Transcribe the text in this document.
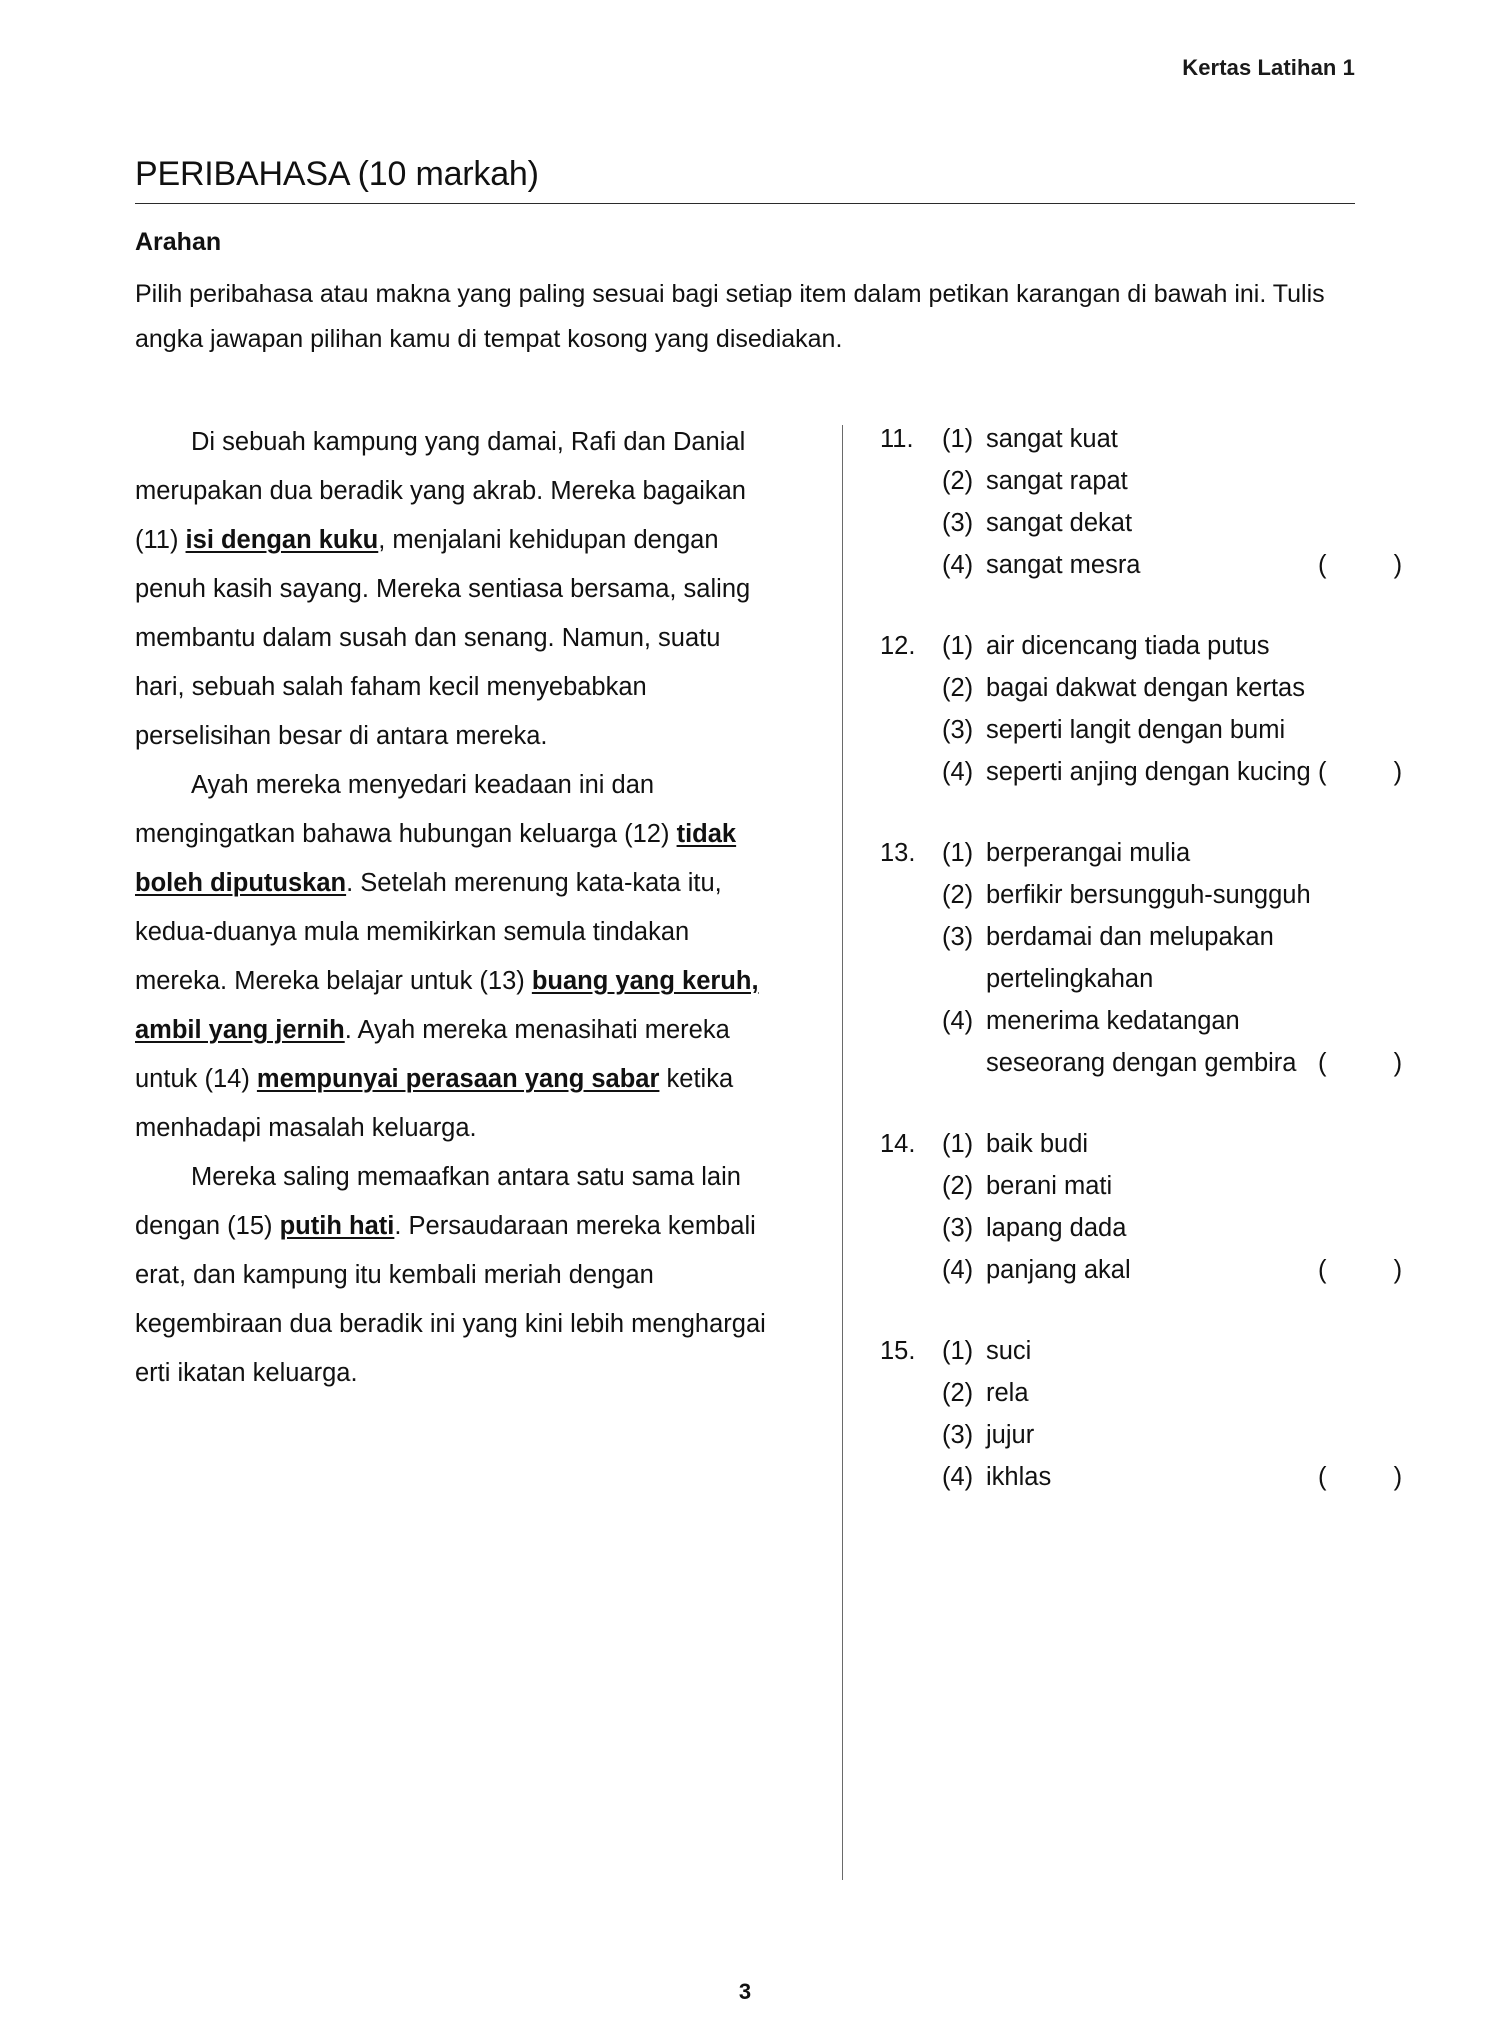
Kertas Latihan 1
PERIBAHASA (10 markah)
Arahan
Pilih peribahasa atau makna yang paling sesuai bagi setiap item dalam petikan karangan di bawah ini. Tulis angka jawapan pilihan kamu di tempat kosong yang disediakan.

Di sebuah kampung yang damai, Rafi dan Danial merupakan dua beradik yang akrab. Mereka bagaikan (11) isi dengan kuku, menjalani kehidupan dengan penuh kasih sayang. Mereka sentiasa bersama, saling membantu dalam susah dan senang. Namun, suatu hari, sebuah salah faham kecil menyebabkan perselisihan besar di antara mereka.

Ayah mereka menyedari keadaan ini dan mengingatkan bahawa hubungan keluarga (12) tidak boleh diputuskan. Setelah merenung kata-kata itu, kedua-duanya mula memikirkan semula tindakan mereka. Mereka belajar untuk (13) buang yang keruh, ambil yang jernih. Ayah mereka menasihati mereka untuk (14) mempunyai perasaan yang sabar ketika menhadapi masalah keluarga.

Mereka saling memaafkan antara satu sama lain dengan (15) putih hati. Persaudaraan mereka kembali erat, dan kampung itu kembali meriah dengan kegembiraan dua beradik ini yang kini lebih menghargai erti ikatan keluarga.

11.	(1) sangat kuat
(2) sangat rapat
(3) sangat dekat
(4) sangat mesra	( )
12.	(1) air dicencang tiada putus
(2) bagai dakwat dengan kertas
(3) seperti langit dengan bumi
(4) seperti anjing dengan kucing ( )
13.	(1) berperangai mulia
(2) berfikir bersungguh-sungguh
(3) berdamai dan melupakan pertelingkahan
(4) menerima kedatangan seseorang dengan gembira ( )
14.	(1) baik budi
(2) berani mati
(3) lapang dada
(4) panjang akal	( )
15.	(1) suci
(2) rela
(3) jujur
(4) ikhlas	( )
3
